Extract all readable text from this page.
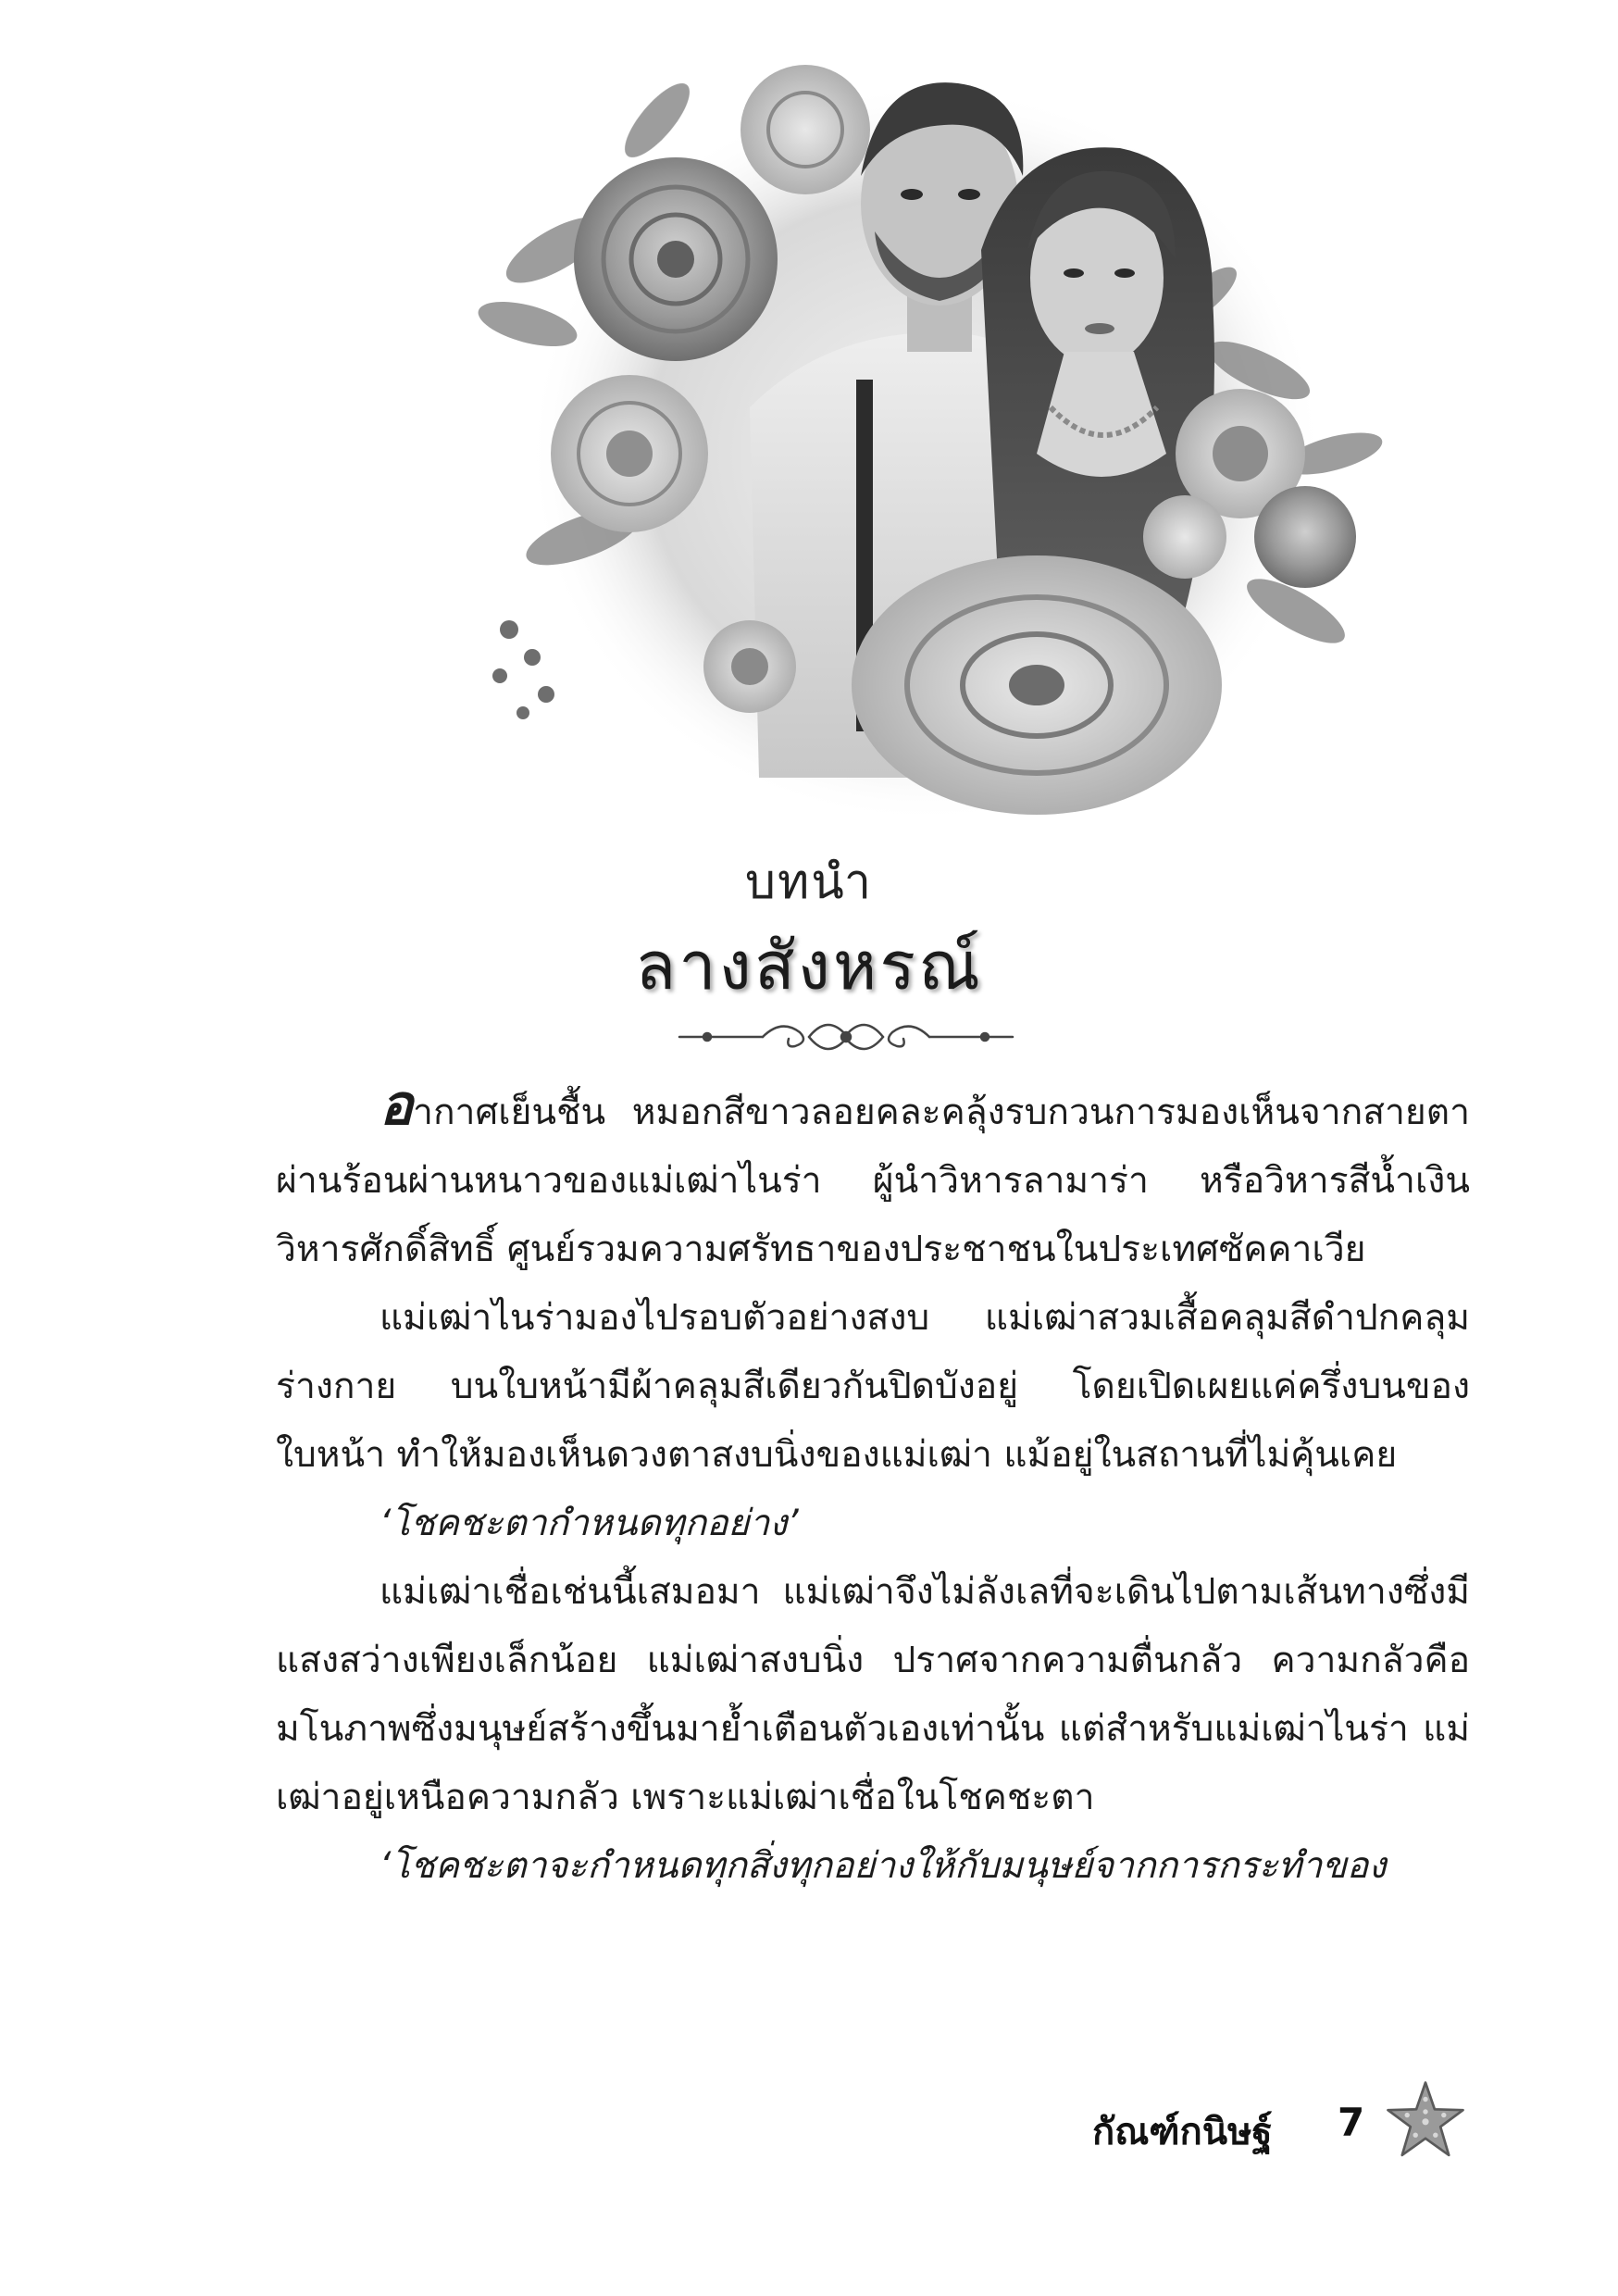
บทนำ
ลางสังหรณ์

อากาศเย็นชื้น หมอกสีขาวลอยคละคลุ้งรบกวนการมองเห็นจากสายตาผ่านร้อนผ่านหนาวของแม่เฒ่าไนร่า ผู้นำวิหารลามาร่า หรือวิหารสีน้ำเงิน วิหารศักดิ์สิทธิ์ ศูนย์รวมความศรัทธาของประชาชนในประเทศซัคคาเวีย

แม่เฒ่าไนร่ามองไปรอบตัวอย่างสงบ แม่เฒ่าสวมเสื้อคลุมสีดำปกคลุมร่างกาย บนใบหน้ามีผ้าคลุมสีเดียวกันปิดบังอยู่ โดยเปิดเผยแค่ครึ่งบนของใบหน้า ทำให้มองเห็นดวงตาสงบนิ่งของแม่เฒ่า แม้อยู่ในสถานที่ไม่คุ้นเคย

‘โชคชะตากำหนดทุกอย่าง’

แม่เฒ่าเชื่อเช่นนี้เสมอมา แม่เฒ่าจึงไม่ลังเลที่จะเดินไปตามเส้นทางซึ่งมีแสงสว่างเพียงเล็กน้อย แม่เฒ่าสงบนิ่ง ปราศจากความตื่นกลัว ความกลัวคือมโนภาพซึ่งมนุษย์สร้างขึ้นมาย้ำเตือนตัวเองเท่านั้น แต่สำหรับแม่เฒ่าไนร่า แม่เฒ่าอยู่เหนือความกลัว เพราะแม่เฒ่าเชื่อในโชคชะตา

‘โชคชะตาจะกำหนดทุกสิ่งทุกอย่างให้กับมนุษย์จากการกระทำของ

กัณฑ์กนิษฐ์ 7
